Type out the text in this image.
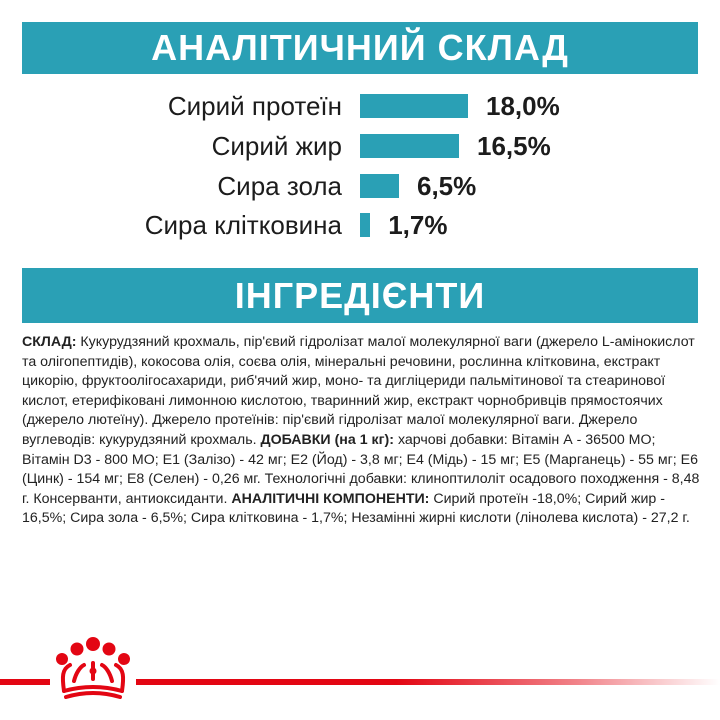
АНАЛІТИЧНИЙ СКЛАД
Сирий протеїн	18,0%
Сирий жир	16,5%
Сира зола	6,5%
Сира клітковина 1,7%
ІНГРЕДІЄНТИ
СКЛАД: Кукурудзяний крохмаль, пір'євий гідролізат малої молекулярної ваги (джерело L-амінокислот та олігопептидів), кокосова олія, соєва олія, мінеральні речовини, рослинна клітковина, екстракт цикорію, фруктоолігосахариди, риб'ячий жир, моно- та дигліцериди пальмітинової та стеаринової кислот, етерифіковані лимонною кислотою, тваринний жир, екстракт чорнобривців прямостоячих (джерело лютеїну). Джерело протеїнів: пір'євий гідролізат малої молекулярної ваги. Джерело вуглеводів: кукурудзяний крохмаль. ДОБАВКИ (на 1 кг): харчові добавки: Вітамін А - 36500 МО; Вітамін D3 - 800 МО; Е1 (Залізо) - 42 мг; Е2 (Йод) - 3,8 мг; Е4 (Мідь) - 15 мг; Е5 (Марганець) - 55 мг; Е6 (Цинк) - 154 мг; Е8 (Селен) - 0,26 мг. Технологічні добавки: клиноптилоліт осадового походження - 8,48 г. Консерванти, антиоксиданти. АНАЛІТИЧНІ КОМПОНЕНТИ: Сирий протеїн -18,0%; Сирий жир - 16,5%; Сира зола - 6,5%; Сира клітковина - 1,7%; Незамінні жирні кислоти (лінолева кислота) - 27,2 г.
